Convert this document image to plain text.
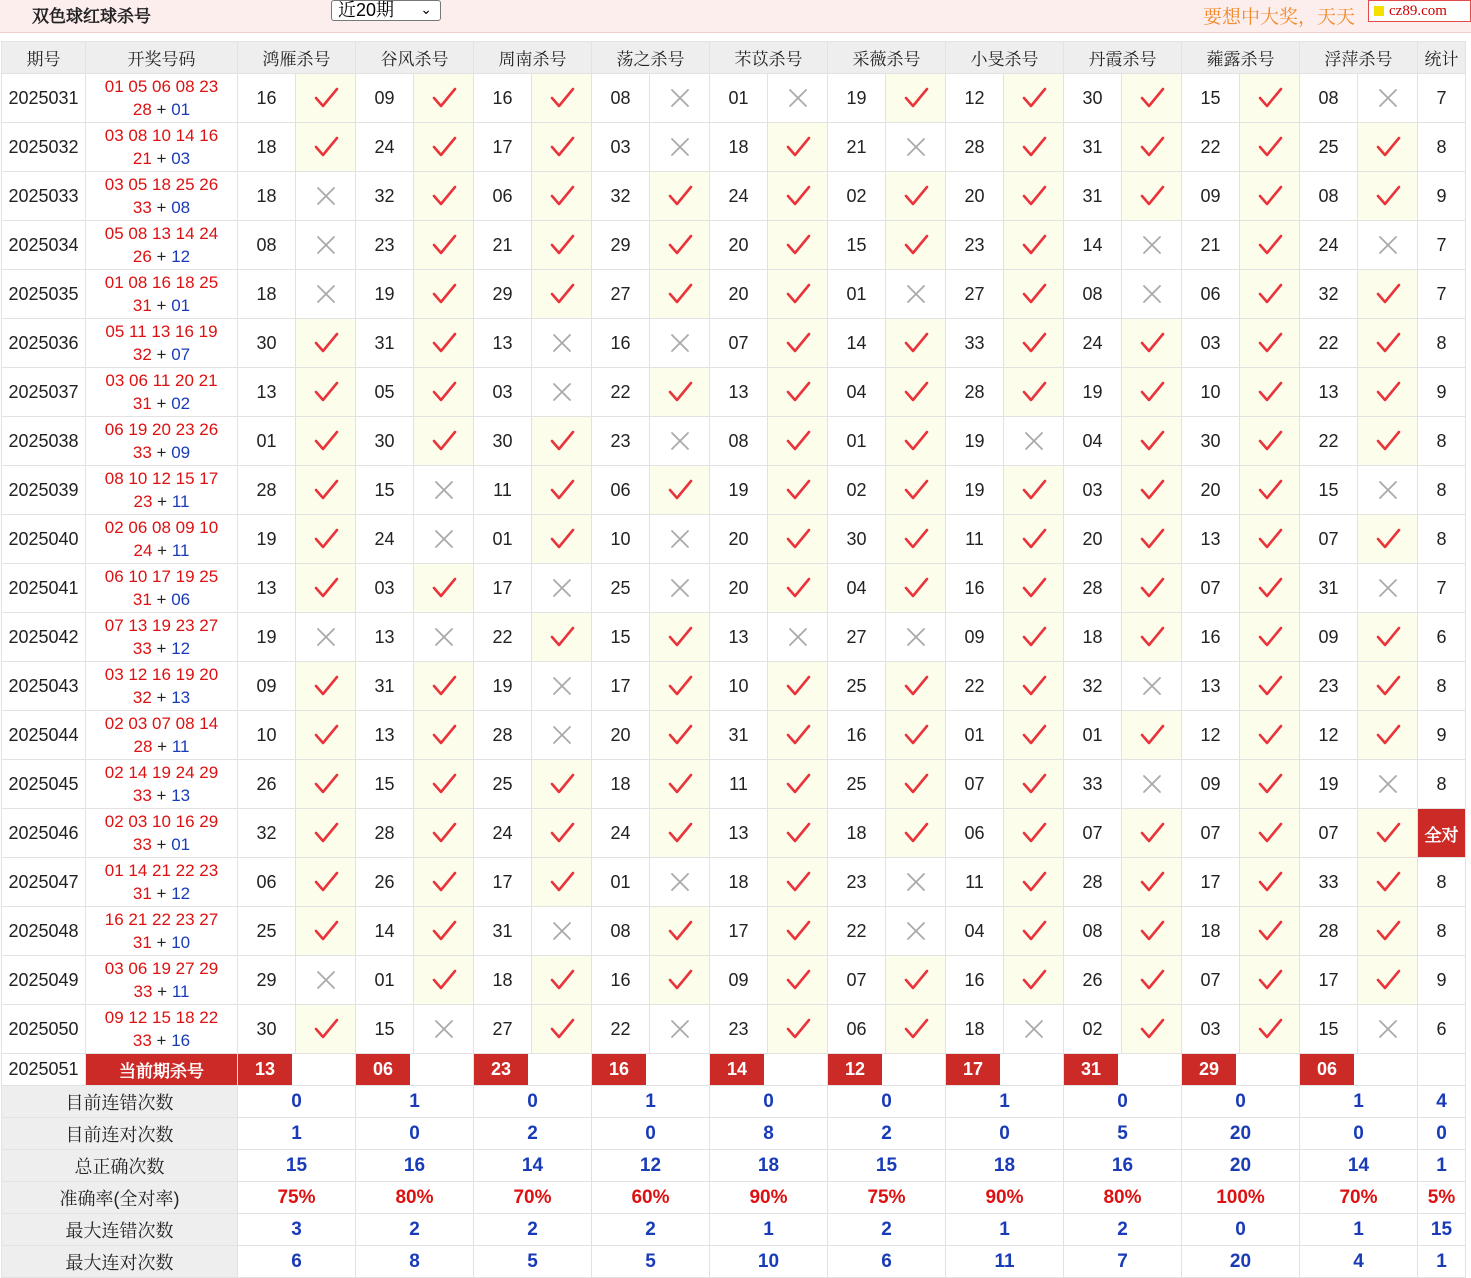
双色球红球杀号	近20期 ⌄	要想中大奖，天天	cz89.com
期号	开奖号码	鸿雁杀号		谷风杀号		周南杀号		荡之杀号		芣苡杀号		采薇杀号		小旻杀号		丹霞杀号		蕹露杀号		浮萍杀号		统计
2025031	01 05 06 08 23
28 + 01	16		09		16		08		01		19		12		30		15		08		7
2025032	03 08 10 14 16
21 + 03	18		24		17		03		18		21		28		31		22		25		8
2025033	03 05 18 25 26
33 + 08	18		32		06		32		24		02		20		31		09		08		9
2025034	05 08 13 14 24
26 + 12	08		23		21		29		20		15		23		14		21		24		7
2025035	01 08 16 18 25
31 + 01	18		19		29		27		20		01		27		08		06		32		7
2025036	05 11 13 16 19
32 + 07	30		31		13		16		07		14		33		24		03		22		8
2025037	03 06 11 20 21
31 + 02	13		05		03		22		13		04		28		19		10		13		9
2025038	06 19 20 23 26
33 + 09	01		30		30		23		08		01		19		04		30		22		8
2025039	08 10 12 15 17
23 + 11	28		15		11		06		19		02		19		03		20		15		8
2025040	02 06 08 09 10
24 + 11	19		24		01		10		20		30		11		20		13		07		8
2025041	06 10 17 19 25
31 + 06	13		03		17		25		20		04		16		28		07		31		7
2025042	07 13 19 23 27
33 + 12	19		13		22		15		13		27		09		18		16		09		6
2025043	03 12 16 19 20
32 + 13	09		31		19		17		10		25		22		32		13		23		8
2025044	02 03 07 08 14
28 + 11	10		13		28		20		31		16		01		01		12		12		9
2025045	02 14 19 24 29
33 + 13	26		15		25		18		11		25		07		33		09		19		8
2025046	02 03 10 16 29
33 + 01	32		28		24		24		13		18		06		07		07		07		全对
2025047	01 14 21 22 23
31 + 12	06		26		17		01		18		23		11		28		17		33		8
2025048	16 21 22 23 27
31 + 10	25		14		31		08		17		22		04		08		18		28		8
2025049	03 06 19 27 29
33 + 11	29		01		18		16		09		07		16		26		07		17		9
2025050	09 12 15 18 22
33 + 16	30		15		27		22		23		06		18		02		03		15		6
2025051	当前期杀号	13		06		23		16		14		12		17		31		29		06		

目前连错次数		0		1		0		1		0		0		1		0		0		1		4
目前连对次数		1		0		2		0		8		2		0		5		20		0		0
总正确次数		15		16		14		12		18		15		18		16		20		14		1
准确率(全对率)		75%		80%		70%		60%		90%		75%		90%		80%		100%		70%		5%
最大连错次数		3		2		2		2		1		2		1		2		0		1		15
最大连对次数		6		8		5		5		10		6		11		7		20		4		1
